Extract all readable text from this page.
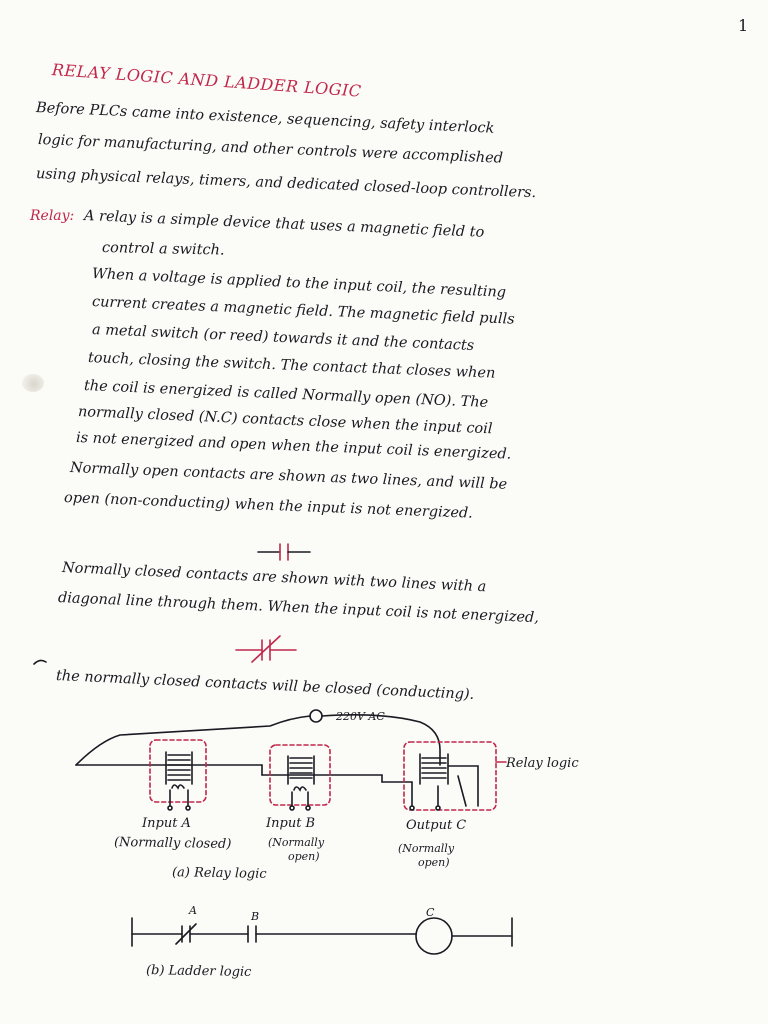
1

RELAY LOGIC AND LADDER LOGIC

Before PLCs came into existence, sequencing, safety interlock

logic for manufacturing, and other controls were accomplished

using physical relays, timers, and dedicated closed-loop controllers.

Relay: A relay is a simple device that uses a magnetic field to

control a switch.

When a voltage is applied to the input coil, the resulting

current creates a magnetic field. The magnetic field pulls

a metal switch (or reed) towards it and the contacts

touch, closing the switch. The contact that closes when

the coil is energized is called Normally open (NO). The

normally closed (N.C) contacts close when the input coil

is not energized and open when the input coil is energized.

Normally open contacts are shown as two lines, and will be

open (non-conducting) when the input is not energized.

Normally closed contacts are shown with two lines with a

diagonal line through them. When the input coil is not energized,

the normally closed contacts will be closed (conducting).

220V AC

Relay logic

Input A

(Normally closed)

Input B

(Normally

open)

Output C

(Normally

open)

(a) Relay logic

A	B	C

(b) Ladder logic
